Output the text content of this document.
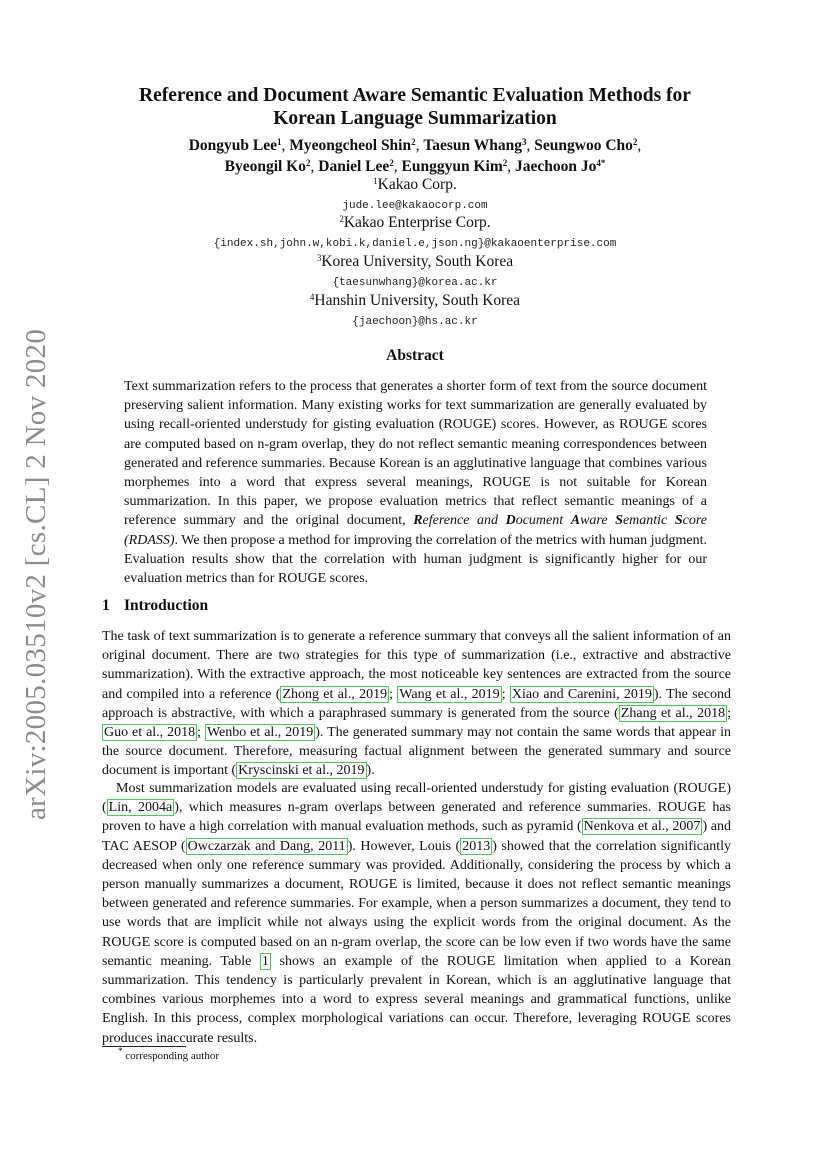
arXiv:2005.03510v2 [cs.CL] 2 Nov 2020
Reference and Document Aware Semantic Evaluation Methods for
Korean Language Summarization
Dongyub Lee$^1$, Myeongcheol Shin$^2$, Taesun Whang$^3$, Seungwoo Cho$^2$,
Byeongil Ko$^2$, Daniel Lee$^2$, Eunggyun Kim$^2$, Jaechoon $Jo^{4*}$
$^1$Kakao Corp.
jude.lee@kakaocorp.com
$^2$Kakao Enterprise Corp.
{index.sh,john.w,kobi.k,daniel.e,json.ng}@kakaoenterprise.com
$^3$Korea University, South Korea
{taesunwhang}@korea.ac.kr
$^4$Hanshin University, South Korea
{jaechoon}@hs.ac.kr
Abstract
Text summarization refers to the process that generates a shorter form of text from the source document preserving salient information. Many existing works for text summarization are generally evaluated by using recall-oriented understudy for gisting evaluation (ROUGE) scores. However, as ROUGE scores are computed based on n-gram overlap, they do not reflect semantic meaning correspondences between generated and reference summaries. Because Korean is an agglutinative language that combines various morphemes into a word that express several meanings, ROUGE is not suitable for Korean summarization. In this paper, we propose evaluation metrics that reflect semantic meanings of a reference summary and the original document, Reference and Document Aware Semantic Score (RDASS). We then propose a method for improving the correlation of the metrics with human judgment. Evaluation results show that the correlation with human judgment is significantly higher for our evaluation metrics than for ROUGE scores.
1 Introduction

The task of text summarization is to generate a reference summary that conveys all the salient information of an original document. There are two strategies for this type of summarization (i.e., extractive and abstractive summarization). With the extractive approach, the most noticeable key sentences are extracted from the source and compiled into a reference ( Zhong et al., 2019 ; Wang et al., 2019 ; Xiao and Carenini, 2019 ). The second approach is abstractive, with which a paraphrased summary is generated from the source ( Zhang et al., 2018 ; Guo et al., 2018 ; Wenbo et al., 2019 ). The generated summary may not contain the same words that appear in the source document. Therefore, measuring factual alignment between the generated summary and source document is important ( Kryscinski et al., 2019 ).

Most summarization models are evaluated using recall-oriented understudy for gisting evaluation (ROUGE) ( Lin, 2004a ), which measures n-gram overlaps between generated and reference summaries. ROUGE has proven to have a high correlation with manual evaluation methods, such as pyramid ( Nenkova et al., 2007 ) and TAC AESOP ( Owczarzak and Dang, 2011 ). However, Louis ( 2013 ) showed that the correlation significantly decreased when only one reference summary was provided. Additionally, considering the process by which a person manually summarizes a document, ROUGE is limited, because it does not reflect semantic meanings between generated and reference summaries. For example, when a person summarizes a document, they tend to use words that are implicit while not always using the explicit words from the original document. As the ROUGE score is computed based on an n-gram overlap, the score can be low even if two words have the same semantic meaning. Table 1 shows an example of the ROUGE limitation when applied to a Korean summarization. This tendency is particularly prevalent in Korean, which is an agglutinative language that combines various morphemes into a word to express several meanings and grammatical functions, unlike English. In this process, complex morphological variations can occur. Therefore, leveraging ROUGE scores produces inaccurate results.

* corresponding author
